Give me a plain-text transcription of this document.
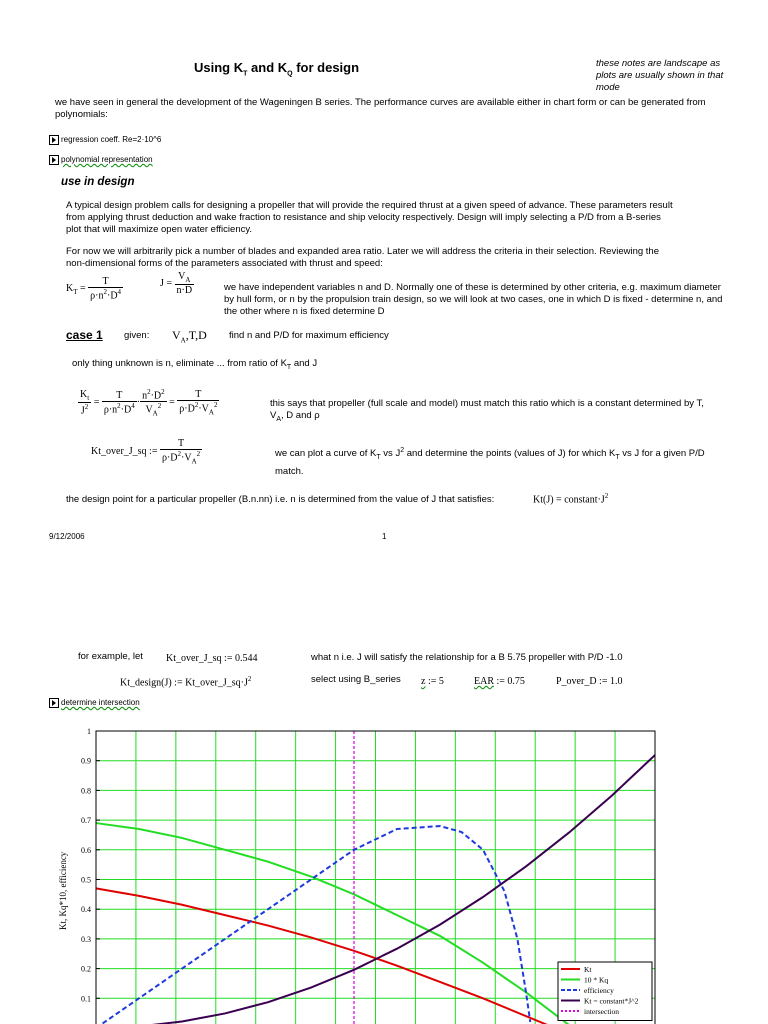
Using $K_T$ and $K_Q$ for design	these notes are landscape as plots are usually shown in that mode
we have seen in general the development of the Wageningen B series. The performance curves are available either in chart form or can be generated from polynomials:
regression coeff. Re=2·10^6
polynomial representation
use in design
A typical design problem calls for designing a propeller that will provide the required thrust at a given speed of advance. These parameters result from applying thrust deduction and wake fraction to resistance and ship velocity respectively. Design will imply selecting a P/D from a B-series plot that will maximize open water efficiency.
For now we will arbitrarily pick a number of blades and expanded area ratio. Later we will address the criteria in their selection. Reviewing the non-dimensional forms of the parameters associated with thrust and speed:
$K_T = \frac{T}{\rho\cdot n^2\cdot D^4}$	$J = \frac{V_A}{n\cdot D}$	we have independent variables n and D. Normally one of these is determined by other criteria, e.g. maximum diameter by hull form, or n by the propulsion train design, so we will look at two cases, one in which D is fixed - determine n, and the other where n is fixed determine D
case 1 given: $V_A,T,D$ find n and P/D for maximum efficiency
only thing unknown is n, eliminate ... from ratio of $K_T$ and J
$\frac{K_t}{J^2} = \frac{T}{\rho\cdot n^2\cdot D^4} \cdot \frac{n^2\cdot D^2}{V_A^2} = \frac{T}{\rho\cdot D^2\cdot V_A^2}$	this says that propeller (full scale and model) must match this ratio which is a constant determined by T, $V_A$, D and ρ
Kt_over_J_sq := $\frac{T}{\rho\cdot D^2\cdot V_A^2}$	we can plot a curve of $K_T$ vs $J^2$ and determine the points (values of J) for which $K_T$ vs J for a given P/D match.
the design point for a particular propeller (B.n.nn) i.e. n is determined from the value of J that satisfies:	$Kt(J) = constant\cdot J^2$
9/12/2006	1
for example, let Kt_over_J_sq := 0.544	what n i.e. J will satisfy the relationship for a B 5.75 propeller with P/D -1.0
Kt_design(J) := $Kt\_over\_J\_sq\cdot J^2$	select using B_series z := 5	EAR := 0.75	P_over_D := 1.0
determine intersection
0.1
0.2
0.3
0.4
0.5
0.6
0.7
0.8
0.9
1
Kt, Kq*10, efficiency
Kt
10 * Kq
efficiency
Kt = constant*J^2
intersection
